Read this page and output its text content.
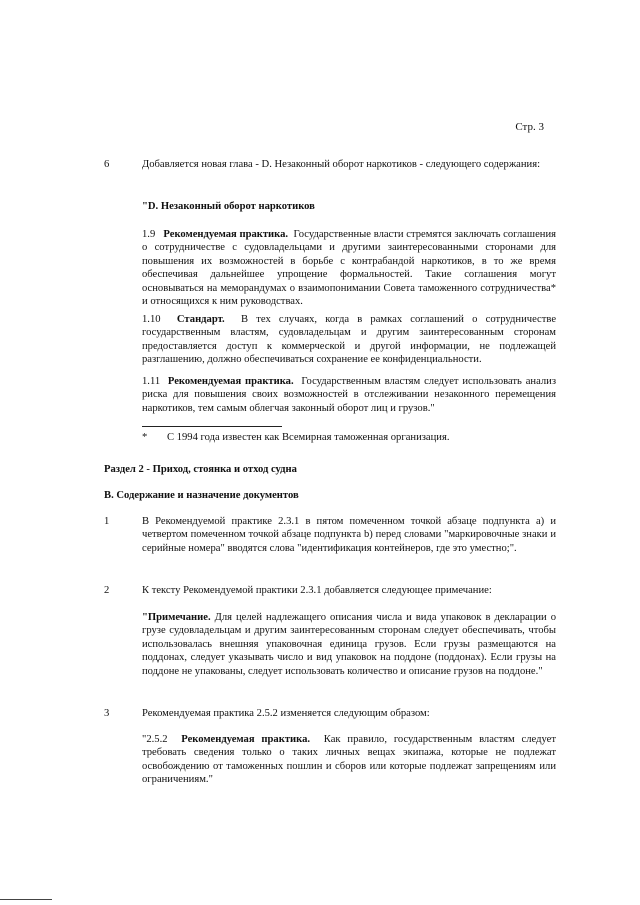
Стр. 3
6	Добавляется новая глава - D. Незаконный оборот наркотиков - следующего содержания:

"D. Незаконный оборот наркотиков

1.9 Рекомендуемая практика. Государственные власти стремятся заключать соглашения о сотрудничестве с судовладельцами и другими заинтересованными сторонами для повышения их возможностей в борьбе с контрабандой наркотиков, в то же время обеспечивая дальнейшее упрощение формальностей. Такие соглашения могут основываться на меморандумах о взаимопонимании Совета таможенного сотрудничества* и относящихся к ним руководствах.

1.10 Стандарт. В тех случаях, когда в рамках соглашений о сотрудничестве государственным властям, судовладельцам и другим заинтересованным сторонам предоставляется доступ к коммерческой и другой информации, не подлежащей разглашению, должно обеспечиваться сохранение ее конфиденциальности.

1.11 Рекомендуемая практика. Государственным властям следует использовать анализ риска для повышения своих возможностей в отслеживании незаконного перемещения наркотиков, тем самым облегчая законный оборот лиц и грузов."

* С 1994 года известен как Всемирная таможенная организация.
Раздел 2 - Приход, стоянка и отход судна
B. Содержание и назначение документов
1	В Рекомендуемой практике 2.3.1 в пятом помеченном точкой абзаце подпункта a) и четвертом помеченном точкой абзаце подпункта b) перед словами "маркировочные знаки и серийные номера" вводятся слова "идентификация контейнеров, где это уместно;".

2	К тексту Рекомендуемой практики 2.3.1 добавляется следующее примечание:

"Примечание. Для целей надлежащего описания числа и вида упаковок в декларации о грузе судовладельцам и другим заинтересованным сторонам следует обеспечивать, чтобы использовалась внешняя упаковочная единица грузов. Если грузы размещаются на поддонах, следует указывать число и вид упаковок на поддоне (поддонах). Если грузы на поддоне не упакованы, следует использовать количество и описание грузов на поддоне."

3	Рекомендуемая практика 2.5.2 изменяется следующим образом:

"2.5.2 Рекомендуемая практика. Как правило, государственным властям следует требовать сведения только о таких личных вещах экипажа, которые не подлежат освобождению от таможенных пошлин и сборов или которые подлежат запрещениям или ограничениям."
